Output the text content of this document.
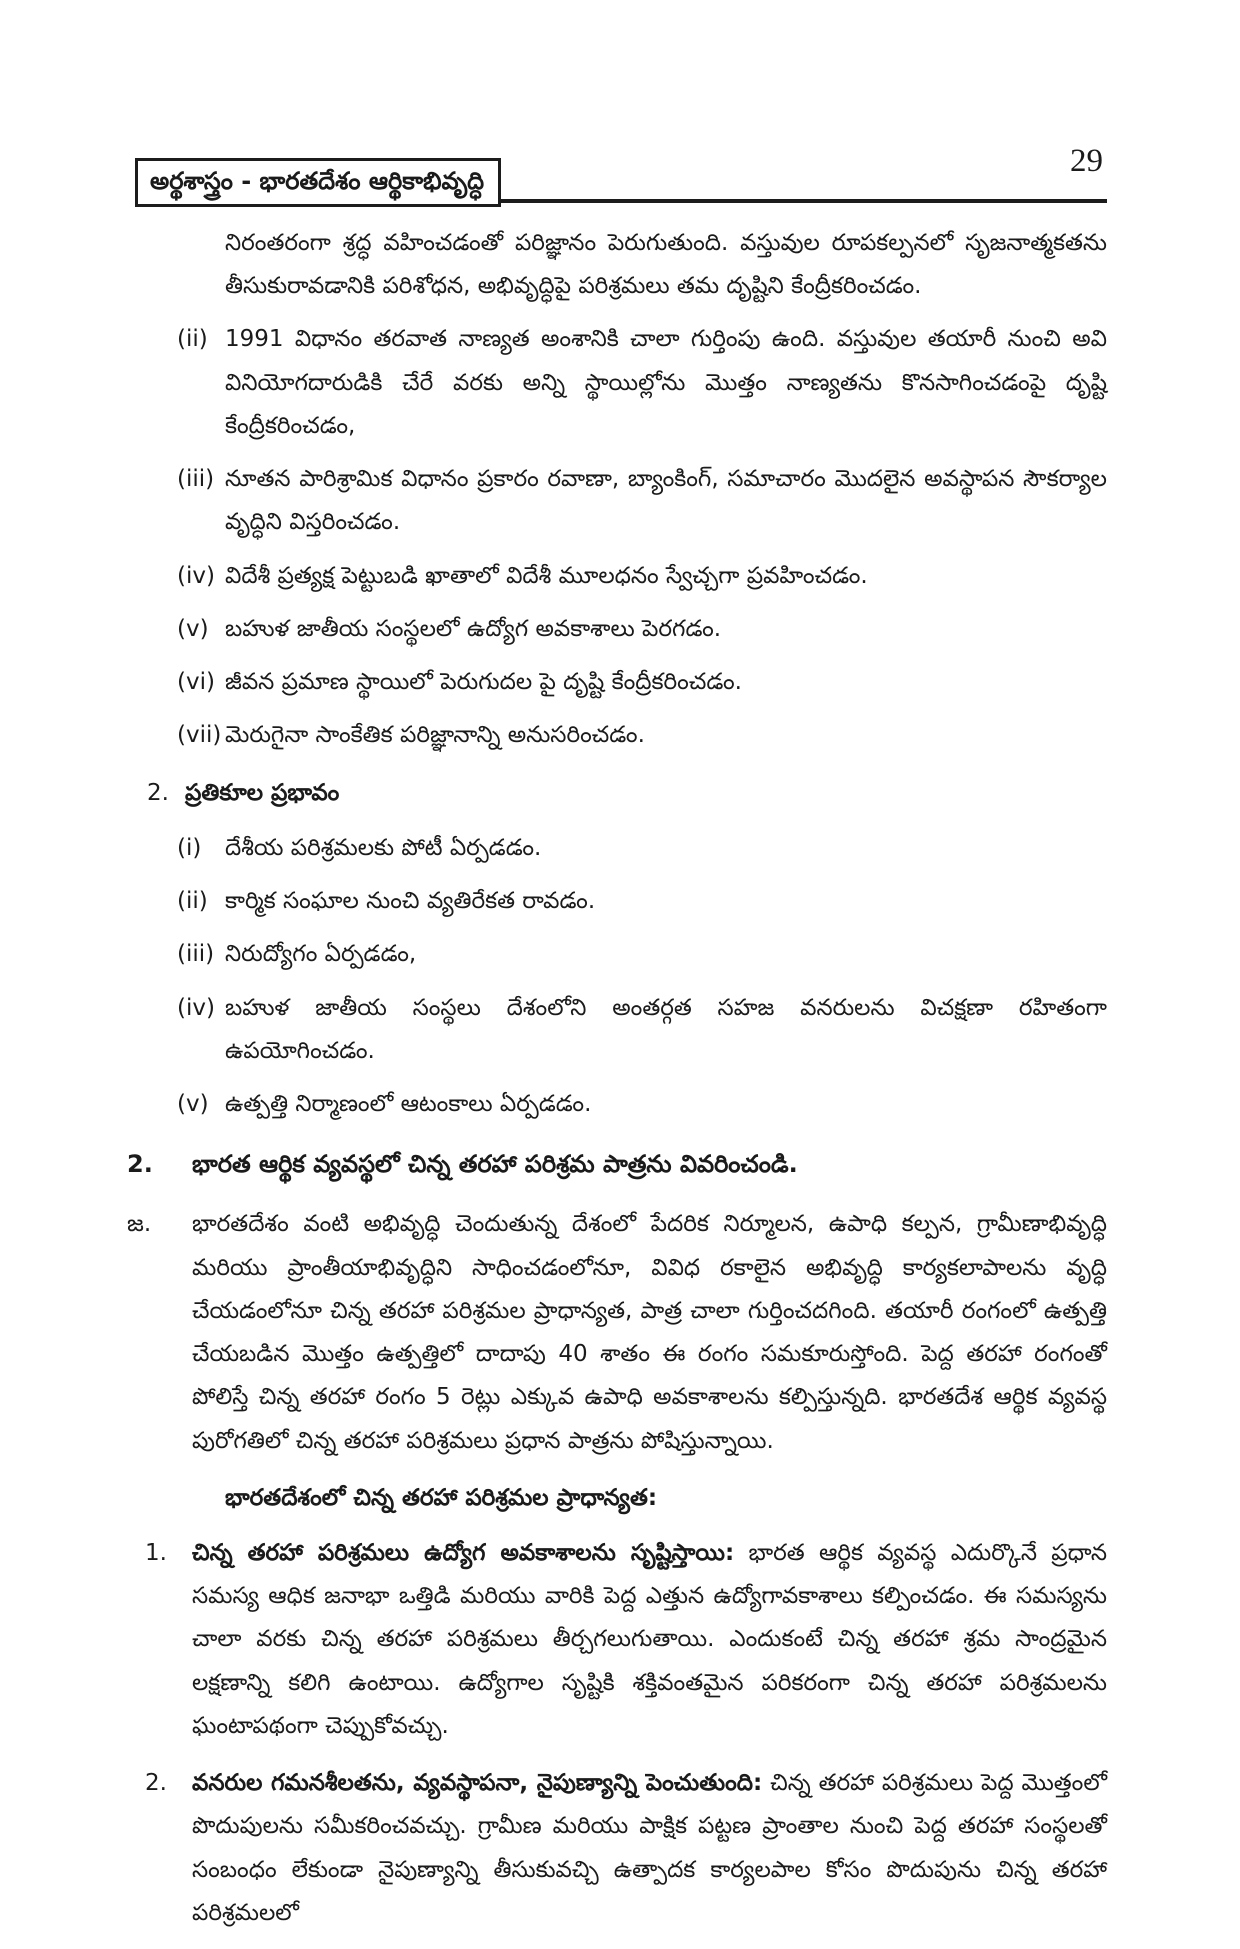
అర్థశాస్త్రం - భారతదేశం ఆర్థికాభివృద్ధి
29

నిరంతరంగా శ్రద్ధ వహించడంతో పరిజ్ఞానం పెరుగుతుంది. వస్తువుల రూపకల్పనలో సృజనాత్మకతను తీసుకురావడానికి పరిశోధన, అభివృద్ధిపై పరిశ్రమలు తమ దృష్టిని కేంద్రీకరించడం.

(ii) 1991 విధానం తరవాత నాణ్యత అంశానికి చాలా గుర్తింపు ఉంది. వస్తువుల తయారీ నుంచి అవి వినియోగదారుడికి చేరే వరకు అన్ని స్థాయిల్లోను మొత్తం నాణ్యతను కొనసాగించడంపై దృష్టి కేంద్రీకరించడం,
(iii) నూతన పారిశ్రామిక విధానం ప్రకారం రవాణా, బ్యాంకింగ్, సమాచారం మొదలైన అవస్థాపన సౌకర్యాల వృద్ధిని విస్తరించడం.
(iv) విదేశీ ప్రత్యక్ష పెట్టుబడి ఖాతాలో విదేశీ మూలధనం స్వేచ్చగా ప్రవహించడం.
(v) బహుళ జాతీయ సంస్థలలో ఉద్యోగ అవకాశాలు పెరగడం.
(vi) జీవన ప్రమాణ స్థాయిలో పెరుగుదల పై దృష్టి కేంద్రీకరించడం.
(vii) మెరుగైనా సాంకేతిక పరిజ్ఞానాన్ని అనుసరించడం.
2. ప్రతికూల ప్రభావం
(i)	దేశీయ పరిశ్రమలకు పోటీ ఏర్పడడం.
(ii) కార్మిక సంఘాల నుంచి వ్యతిరేకత రావడం.
(iii) నిరుద్యోగం ఏర్పడడం,
(iv) బహుళ జాతీయ సంస్థలు దేశంలోని అంతర్గత సహజ వనరులను విచక్షణా రహితంగా ఉపయోగించడం.
(v) ఉత్పత్తి నిర్మాణంలో ఆటంకాలు ఏర్పడడం.
2.	భారత ఆర్థిక వ్యవస్థలో చిన్న తరహా పరిశ్రమ పాత్రను వివరించండి.
జ.	భారతదేశం వంటి అభివృద్ధి చెందుతున్న దేశంలో పేదరిక నిర్మూలన, ఉపాధి కల్పన, గ్రామీణాభివృద్ధి మరియు ప్రాంతీయాభివృద్ధిని సాధించడంలోనూ, వివిధ రకాలైన అభివృద్ధి కార్యకలాపాలను వృద్ధి చేయడంలోనూ చిన్న తరహా పరిశ్రమల ప్రాధాన్యత, పాత్ర చాలా గుర్తించదగింది. తయారీ రంగంలో ఉత్పత్తి చేయబడిన మొత్తం ఉత్పత్తిలో దాదాపు 40 శాతం ఈ రంగం సమకూరుస్తోంది. పెద్ద తరహా రంగంతో పోలిస్తే చిన్న తరహా రంగం 5 రెట్లు ఎక్కువ ఉపాధి అవకాశాలను కల్పిస్తున్నది. భారతదేశ ఆర్థిక వ్యవస్థ పురోగతిలో చిన్న తరహా పరిశ్రమలు ప్రధాన పాత్రను పోషిస్తున్నాయి.
భారతదేశంలో చిన్న తరహా పరిశ్రమల ప్రాధాన్యత:
1.	చిన్న తరహా పరిశ్రమలు ఉద్యోగ అవకాశాలను సృష్టిస్తాయి: భారత ఆర్థిక వ్యవస్థ ఎదుర్కొనే ప్రధాన సమస్య ఆధిక జనాభా ఒత్తిడి మరియు వారికి పెద్ద ఎత్తున ఉద్యోగావకాశాలు కల్పించడం. ఈ సమస్యను చాలా వరకు చిన్న తరహా పరిశ్రమలు తీర్చగలుగుతాయి. ఎందుకంటే చిన్న తరహా శ్రమ సాంద్రమైన లక్షణాన్ని కలిగి ఉంటాయి. ఉద్యోగాల సృష్టికి శక్తివంతమైన పరికరంగా చిన్న తరహా పరిశ్రమలను ఘంటాపథంగా చెప్పుకోవచ్చు.
2.	వనరుల గమనశీలతను, వ్యవస్థాపనా, నైపుణ్యాన్ని పెంచుతుంది: చిన్న తరహా పరిశ్రమలు పెద్ద మొత్తంలో పొదుపులను సమీకరించవచ్చు. గ్రామీణ మరియు పాక్షిక పట్టణ ప్రాంతాల నుంచి పెద్ద తరహా సంస్థలతో సంబంధం లేకుండా నైపుణ్యాన్ని తీసుకువచ్చి ఉత్పాదక కార్యలపాల కోసం పొదుపును చిన్న తరహా పరిశ్రమలలో
